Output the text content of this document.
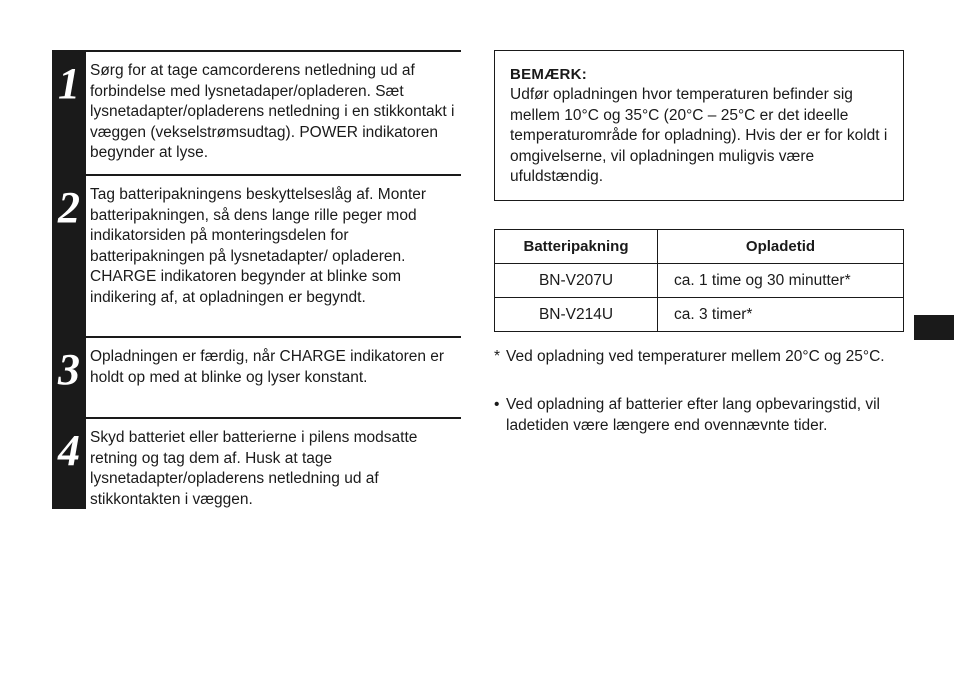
1 Sørg for at tage camcorderens netledning ud af forbindelse med lysnetadaper/opladeren. Sæt lysnetadapter/opladerens netledning i en stikkontakt i væggen (vekselstrømsudtag). POWER indikatoren begynder at lyse.

2 Tag batteripakningens beskyttelseslåg af. Monter batteripakningen, så dens lange rille peger mod indikatorsiden på monteringsdelen for batteripakningen på lysnetadapter/ opladeren. CHARGE indikatoren begynder at blinke som indikering af, at opladningen er begyndt.

3 Opladningen er færdig, når CHARGE indikatoren er holdt op med at blinke og lyser konstant.

4 Skyd batteriet eller batterierne i pilens modsatte retning og tag dem af. Husk at tage lysnetadapter/opladerens netledning ud af stikkontakten i væggen.

BEMÆRK:
Udfør opladningen hvor temperaturen befinder sig mellem 10°C og 35°C (20°C – 25°C er det ideelle temperaturområde for opladning). Hvis der er for koldt i omgivelserne, vil opladningen muligvis være ufuldstændig.
Batteripakning	Opladetid
BN-V207U	ca. 1 time og 30 minutter*
BN-V214U	ca. 3 timer*
* Ved opladning ved temperaturer mellem 20°C og 25°C.
• Ved opladning af batterier efter lang opbevaringstid, vil ladetiden være længere end ovennævnte tider.
